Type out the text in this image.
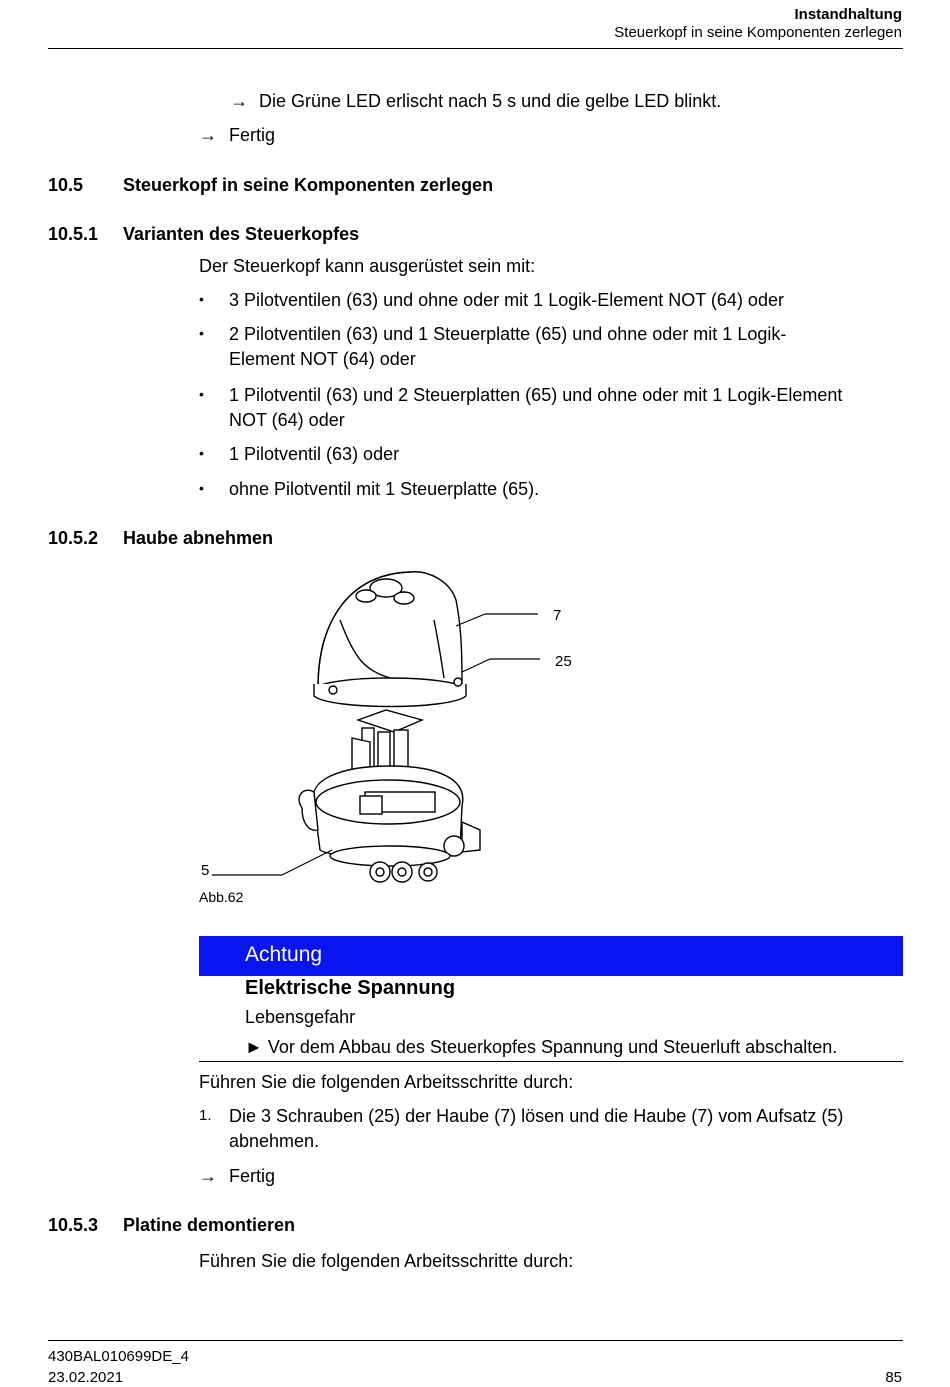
Instandhaltung
Steuerkopf in seine Komponenten zerlegen
→ Die Grüne LED erlischt nach 5 s und die gelbe LED blinkt.
→ Fertig
10.5 Steuerkopf in seine Komponenten zerlegen
10.5.1 Varianten des Steuerkopfes
Der Steuerkopf kann ausgerüstet sein mit:
• 3 Pilotventilen (63) und ohne oder mit 1 Logik-Element NOT (64) oder
• 2 Pilotventilen (63) und 1 Steuerplatte (65) und ohne oder mit 1 Logik-
Element NOT (64) oder
• 1 Pilotventil (63) und 2 Steuerplatten (65) und ohne oder mit 1 Logik-Element
NOT (64) oder
• 1 Pilotventil (63) oder
• ohne Pilotventil mit 1 Steuerplatte (65).
10.5.2 Haube abnehmen
7
25
5
Abb.62
Achtung
Elektrische Spannung
Lebensgefahr
► Vor dem Abbau des Steuerkopfes Spannung und Steuerluft abschalten.
Führen Sie die folgenden Arbeitsschritte durch:
1. Die 3 Schrauben (25) der Haube (7) lösen und die Haube (7) vom Aufsatz (5)
abnehmen.
→ Fertig
10.5.3 Platine demontieren
Führen Sie die folgenden Arbeitsschritte durch:
430BAL010699DE_4
23.02.2021	85
